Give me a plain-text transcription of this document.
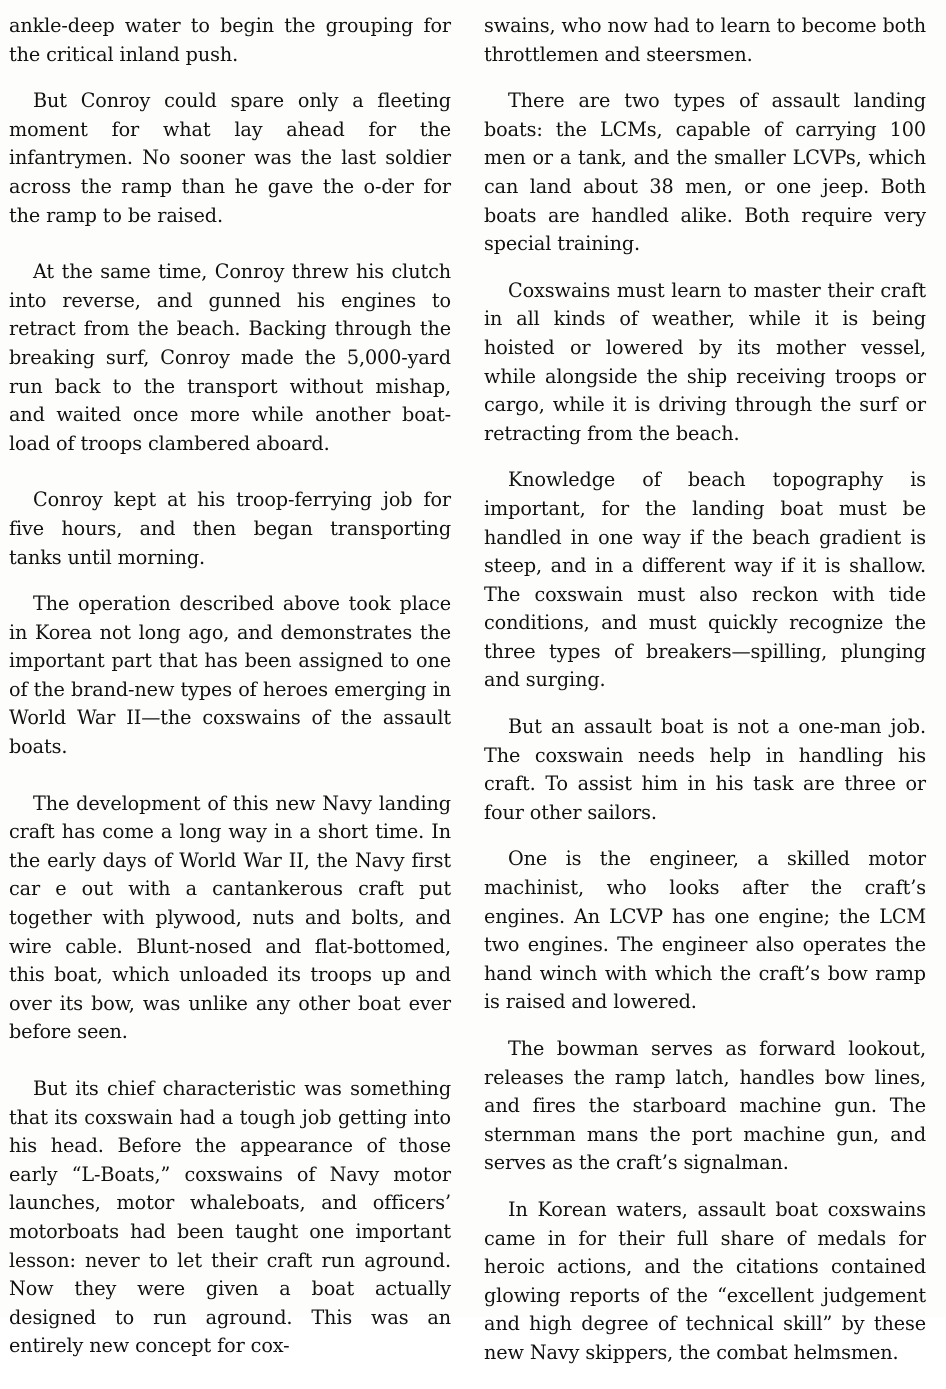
ankle-deep water to begin the grouping for the critical inland push.

But Conroy could spare only a fleeting moment for what lay ahead for the infantrymen. No sooner was the last soldier across the ramp than he gave the o-der for the ramp to be raised.

At the same time, Conroy threw his clutch into reverse, and gunned his engines to retract from the beach. Backing through the breaking surf, Conroy made the 5,000-yard run back to the transport without mishap, and waited once more while another boat-load of troops clambered aboard.

Conroy kept at his troop-ferrying job for five hours, and then began transporting tanks until morning.

The operation described above took place in Korea not long ago, and demonstrates the important part that has been assigned to one of the brand-new types of heroes emerging in World War II—the coxswains of the assault boats.

The development of this new Navy landing craft has come a long way in a short time. In the early days of World War II, the Navy first car e out with a cantankerous craft put together with plywood, nuts and bolts, and wire cable. Blunt-nosed and flat-bottomed, this boat, which unloaded its troops up and over its bow, was unlike any other boat ever before seen.

But its chief characteristic was something that its coxswain had a tough job getting into his head. Before the appearance of those early “L-Boats,” coxswains of Navy motor launches, motor whaleboats, and officers’ motorboats had been taught one important lesson: never to let their craft run aground. Now they were given a boat actually designed to run aground. This was an entirely new concept for cox-

swains, who now had to learn to become both throttlemen and steersmen.

There are two types of assault landing boats: the LCMs, capable of carrying 100 men or a tank, and the smaller LCVPs, which can land about 38 men, or one jeep. Both boats are handled alike. Both require very special training.

Coxswains must learn to master their craft in all kinds of weather, while it is being hoisted or lowered by its mother vessel, while alongside the ship receiving troops or cargo, while it is driving through the surf or retracting from the beach.

Knowledge of beach topography is important, for the landing boat must be handled in one way if the beach gradient is steep, and in a different way if it is shallow. The coxswain must also reckon with tide conditions, and must quickly recognize the three types of breakers—spilling, plunging and surging.

But an assault boat is not a one-man job. The coxswain needs help in handling his craft. To assist him in his task are three or four other sailors.

One is the engineer, a skilled motor machinist, who looks after the craft’s engines. An LCVP has one engine; the LCM two engines. The engineer also operates the hand winch with which the craft’s bow ramp is raised and lowered.

The bowman serves as forward lookout, releases the ramp latch, handles bow lines, and fires the starboard machine gun. The sternman mans the port machine gun, and serves as the craft’s signalman.

In Korean waters, assault boat coxswains came in for their full share of medals for heroic actions, and the citations contained glowing reports of the “excellent judgement and high degree of technical skill” by these new Navy skippers, the combat helmsmen.
